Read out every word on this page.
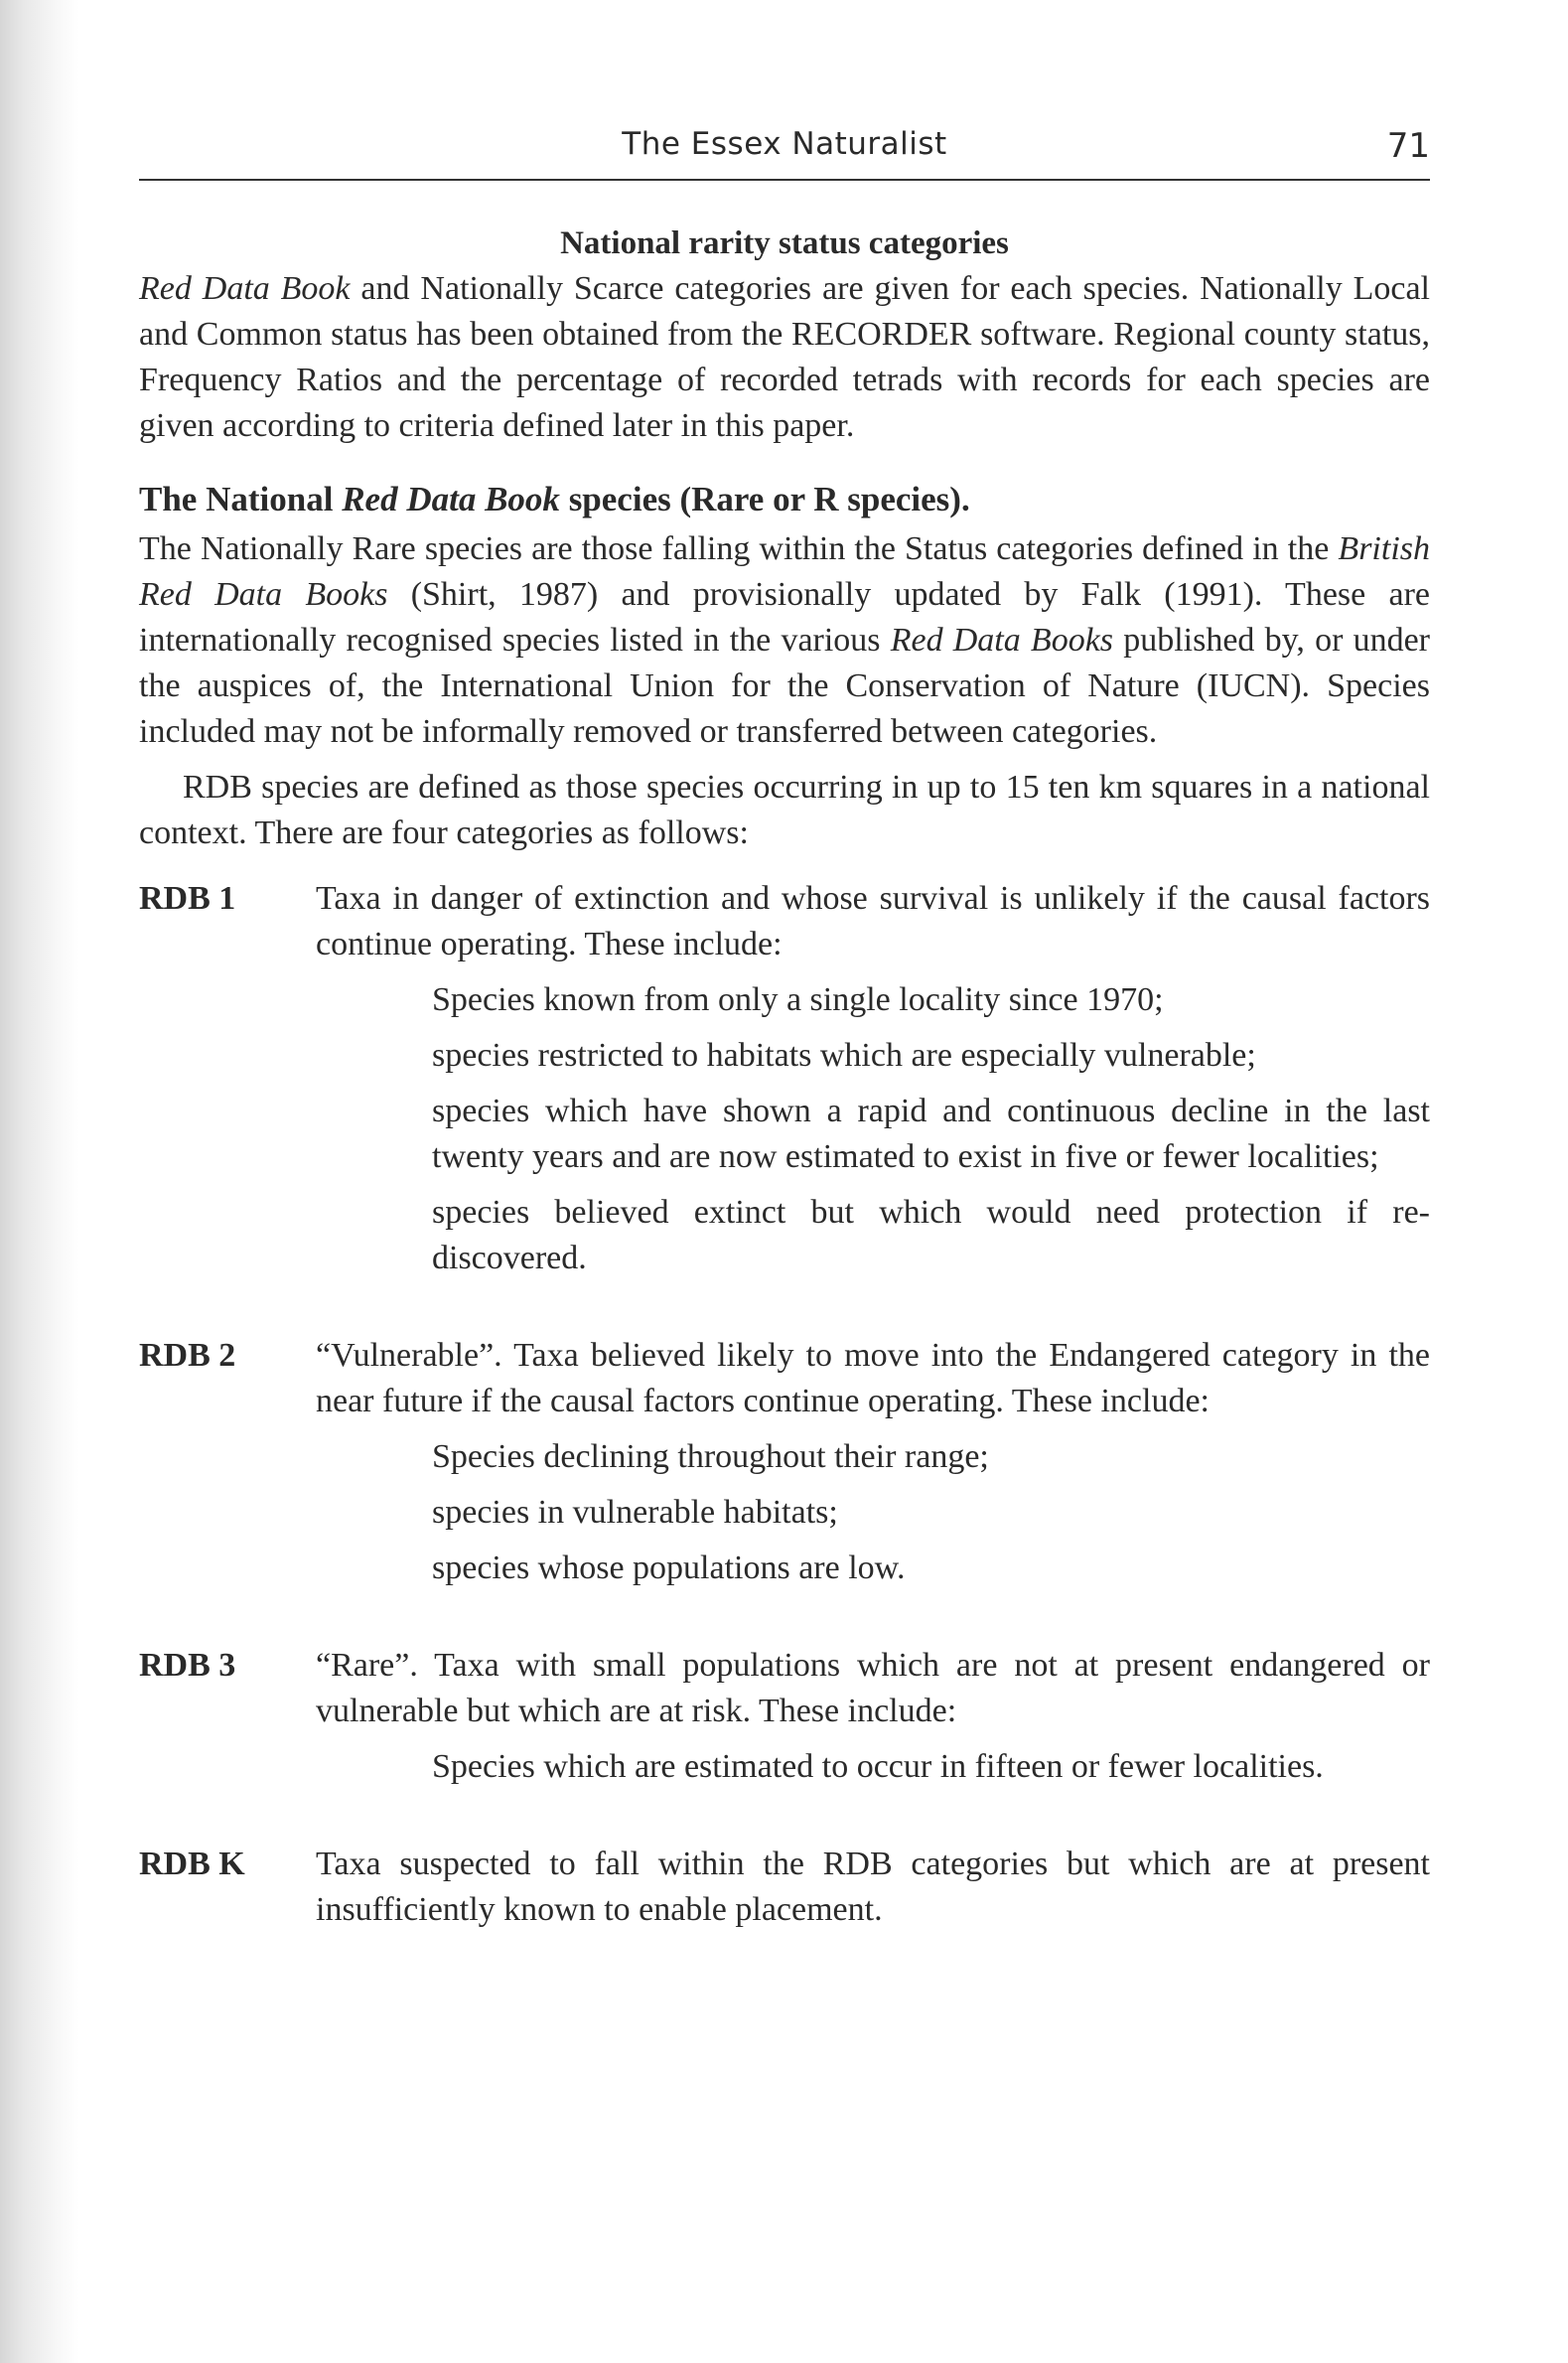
The Essex Naturalist	71
National rarity status categories

Red Data Book and Nationally Scarce categories are given for each species. Nationally Local and Common status has been obtained from the RECORDER software. Regional county status, Frequency Ratios and the percentage of recorded tetrads with records for each species are given according to criteria defined later in this paper.

The National Red Data Book species (Rare or R species).

The Nationally Rare species are those falling within the Status categories defined in the British Red Data Books (Shirt, 1987) and provisionally updated by Falk (1991). These are internationally recognised species listed in the various Red Data Books published by, or under the auspices of, the International Union for the Conservation of Nature (IUCN). Species included may not be informally removed or transferred between categories.

RDB species are defined as those species occurring in up to 15 ten km squares in a national context. There are four categories as follows:

RDB 1 Taxa in danger of extinction and whose survival is unlikely if the causal factors continue operating. These include:
Species known from only a single locality since 1970;
species restricted to habitats which are especially vulnerable;
species which have shown a rapid and continuous decline in the last twenty years and are now estimated to exist in five or fewer localities;
species believed extinct but which would need protection if re-discovered.
RDB 2 “Vulnerable”. Taxa believed likely to move into the Endangered category in the near future if the causal factors continue operating. These include:
Species declining throughout their range;
species in vulnerable habitats;
species whose populations are low.
RDB 3 “Rare”. Taxa with small populations which are not at present endangered or vulnerable but which are at risk. These include:
Species which are estimated to occur in fifteen or fewer localities.
RDB K Taxa suspected to fall within the RDB categories but which are at present insufficiently known to enable placement.
